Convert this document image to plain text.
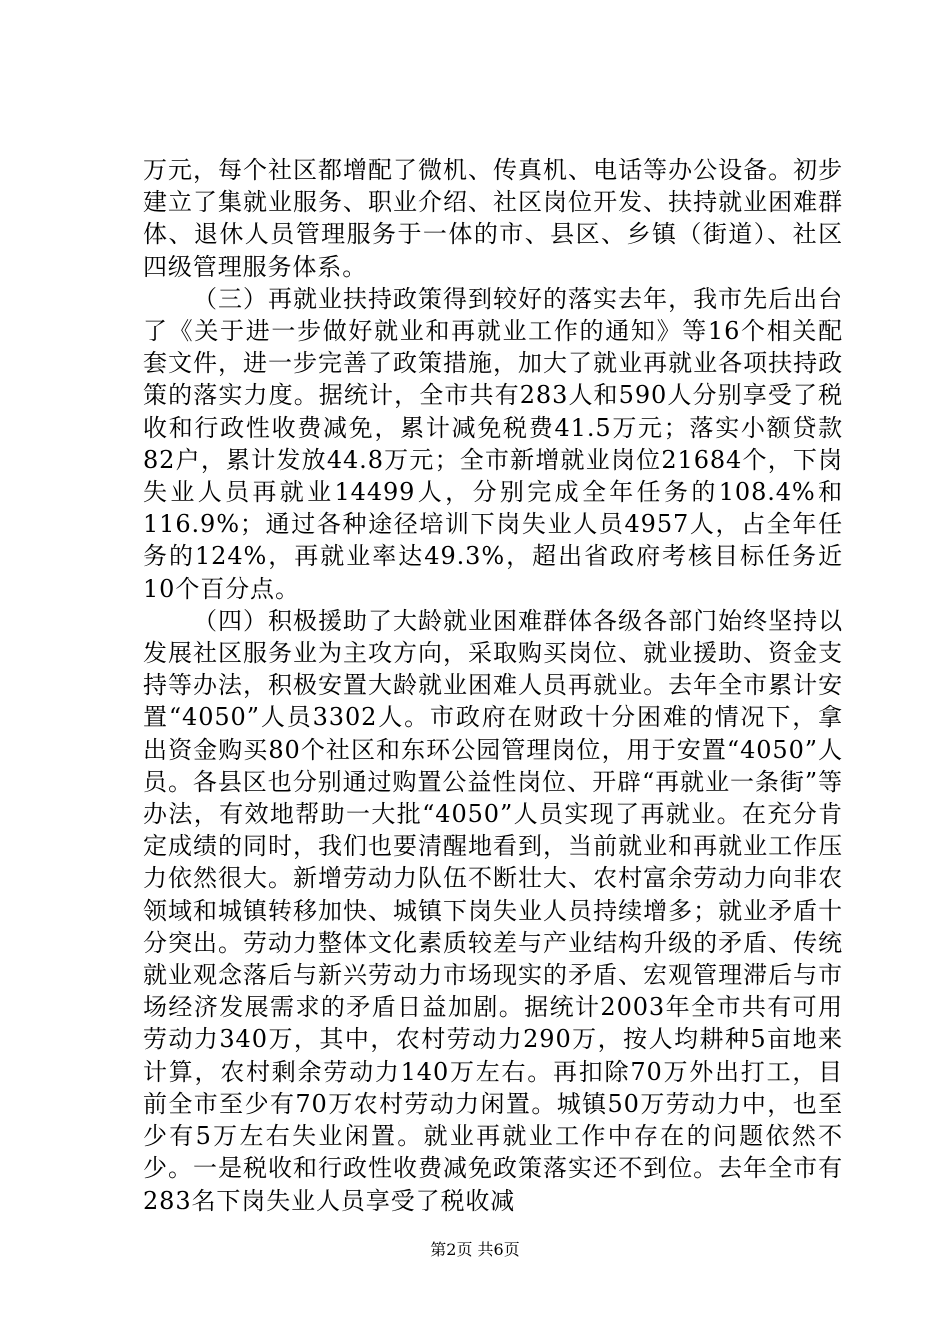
万元，每个社区都增配了微机、传真机、电话等办公设备。初步建立了集就业服务、职业介绍、社区岗位开发、扶持就业困难群体、退休人员管理服务于一体的市、县区、乡镇（街道）、社区四级管理服务体系。

（三）再就业扶持政策得到较好的落实去年，我市先后出台了《关于进一步做好就业和再就业工作的通知》等16个相关配套文件，进一步完善了政策措施，加大了就业再就业各项扶持政策的落实力度。据统计，全市共有283人和590人分别享受了税收和行政性收费减免，累计减免税费41.5万元；落实小额贷款82户，累计发放44.8万元；全市新增就业岗位21684个，下岗失业人员再就业14499人，分别完成全年任务的108.4%和116.9%；通过各种途径培训下岗失业人员4957人，占全年任务的124%，再就业率达49.3%，超出省政府考核目标任务近10个百分点。

（四）积极援助了大龄就业困难群体各级各部门始终坚持以发展社区服务业为主攻方向，采取购买岗位、就业援助、资金支持等办法，积极安置大龄就业困难人员再就业。去年全市累计安置“4050”人员3302人。市政府在财政十分困难的情况下，拿出资金购买80个社区和东环公园管理岗位，用于安置“4050”人员。各县区也分别通过购置公益性岗位、开辟“再就业一条街”等办法，有效地帮助一大批“4050”人员实现了再就业。在充分肯定成绩的同时，我们也要清醒地看到，当前就业和再就业工作压力依然很大。新增劳动力队伍不断壮大、农村富余劳动力向非农领域和城镇转移加快、城镇下岗失业人员持续增多；就业矛盾十分突出。劳动力整体文化素质较差与产业结构升级的矛盾、传统就业观念落后与新兴劳动力市场现实的矛盾、宏观管理滞后与市场经济发展需求的矛盾日益加剧。据统计2003年全市共有可用劳动力340万，其中，农村劳动力290万，按人均耕种5亩地来计算，农村剩余劳动力140万左右。再扣除70万外出打工，目前全市至少有70万农村劳动力闲置。城镇50万劳动力中，也至少有5万左右失业闲置。就业再就业工作中存在的问题依然不少。一是税收和行政性收费减免政策落实还不到位。去年全市有283名下岗失业人员享受了税收减

第2页 共6页
